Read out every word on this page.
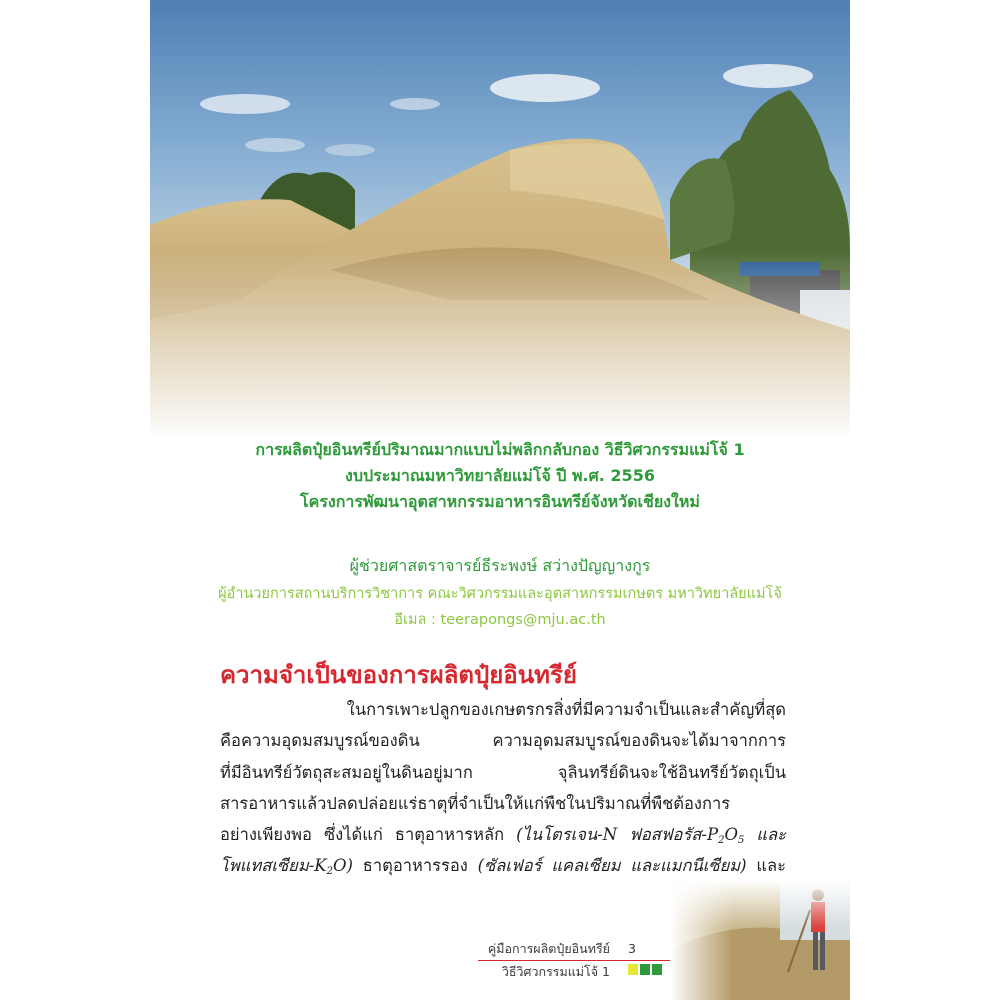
การผลิตปุ๋ยอินทรีย์ปริมาณมากแบบไม่พลิกกลับกอง วิธีวิศวกรรมแม่โจ้ 1
งบประมาณมหาวิทยาลัยแม่โจ้ ปี พ.ศ. 2556
โครงการพัฒนาอุตสาหกรรมอาหารอินทรีย์จังหวัดเชียงใหม่
ผู้ช่วยศาสตราจารย์ธีระพงษ์ สว่างปัญญางกูร
ผู้อำนวยการสถานบริการวิชาการ คณะวิศวกรรมและอุตสาหกรรมเกษตร มหาวิทยาลัยแม่โจ้
อีเมล : teerapongs@mju.ac.th
ความจำเป็นของการผลิตปุ๋ยอินทรีย์
ในการเพาะปลูกของเกษตรกรสิ่งที่มีความจำเป็นและสำคัญที่สุด
คือความอุดมสมบูรณ์ของดิน	ความอุดมสมบูรณ์ของดินจะได้มาจากการ
ที่มีอินทรีย์วัตถุสะสมอยู่ในดินอยู่มาก	จุลินทรีย์ดินจะใช้อินทรีย์วัตถุเป็น
สารอาหารแล้วปลดปล่อยแร่ธาตุที่จำเป็นให้แก่พืชในปริมาณที่พืชต้องการ
อย่างเพียงพอ ซึ่งได้แก่ ธาตุอาหารหลัก (ไนโตรเจน-N ฟอสฟอรัส$-P_2O_5$ และ
โพแทสเซียม$-K_2O$) ธาตุอาหารรอง (ซัลเฟอร์ แคลเซียม และแมกนีเซียม) และ
คู่มือการผลิตปุ๋ยอินทรีย์
วิธีวิศวกรรมแม่โจ้ 1
3
